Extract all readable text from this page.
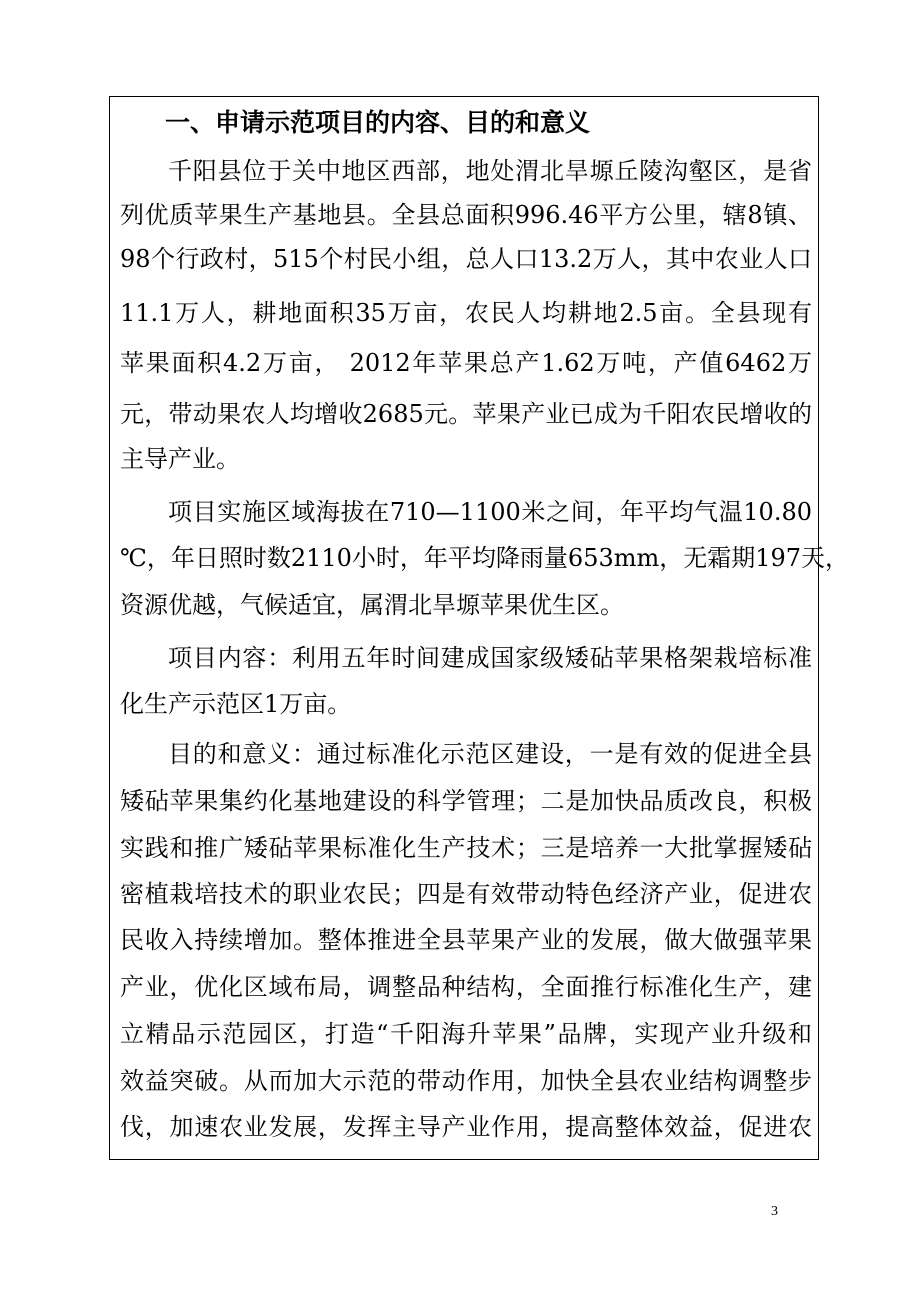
一、申请示范项目的内容、目的和意义
千阳县位于关中地区西部，地处渭北旱塬丘陵沟壑区，是省
列优质苹果生产基地县。全县总面积996.46平方公里，辖8镇、
98个行政村，515个村民小组，总人口13.2万人，其中农业人口
11.1万人，耕地面积35万亩，农民人均耕地2.5亩。全县现有
苹果面积4.2万亩， 2012年苹果总产1.62万吨，产值6462万
元，带动果农人均增收2685元。苹果产业已成为千阳农民增收的
主导产业。
项目实施区域海拔在710—1100米之间，年平均气温10.80
℃，年日照时数2110小时，年平均降雨量653mm，无霜期197天，
资源优越，气候适宜，属渭北旱塬苹果优生区。
项目内容：利用五年时间建成国家级矮砧苹果格架栽培标准
化生产示范区1万亩。
目的和意义：通过标准化示范区建设，一是有效的促进全县
矮砧苹果集约化基地建设的科学管理；二是加快品质改良，积极
实践和推广矮砧苹果标准化生产技术；三是培养一大批掌握矮砧
密植栽培技术的职业农民；四是有效带动特色经济产业，促进农
民收入持续增加。整体推进全县苹果产业的发展，做大做强苹果
产业，优化区域布局，调整品种结构，全面推行标准化生产，建
立精品示范园区，打造“千阳海升苹果”品牌，实现产业升级和
效益突破。从而加大示范的带动作用，加快全县农业结构调整步
伐，加速农业发展，发挥主导产业作用，提高整体效益，促进农
3
